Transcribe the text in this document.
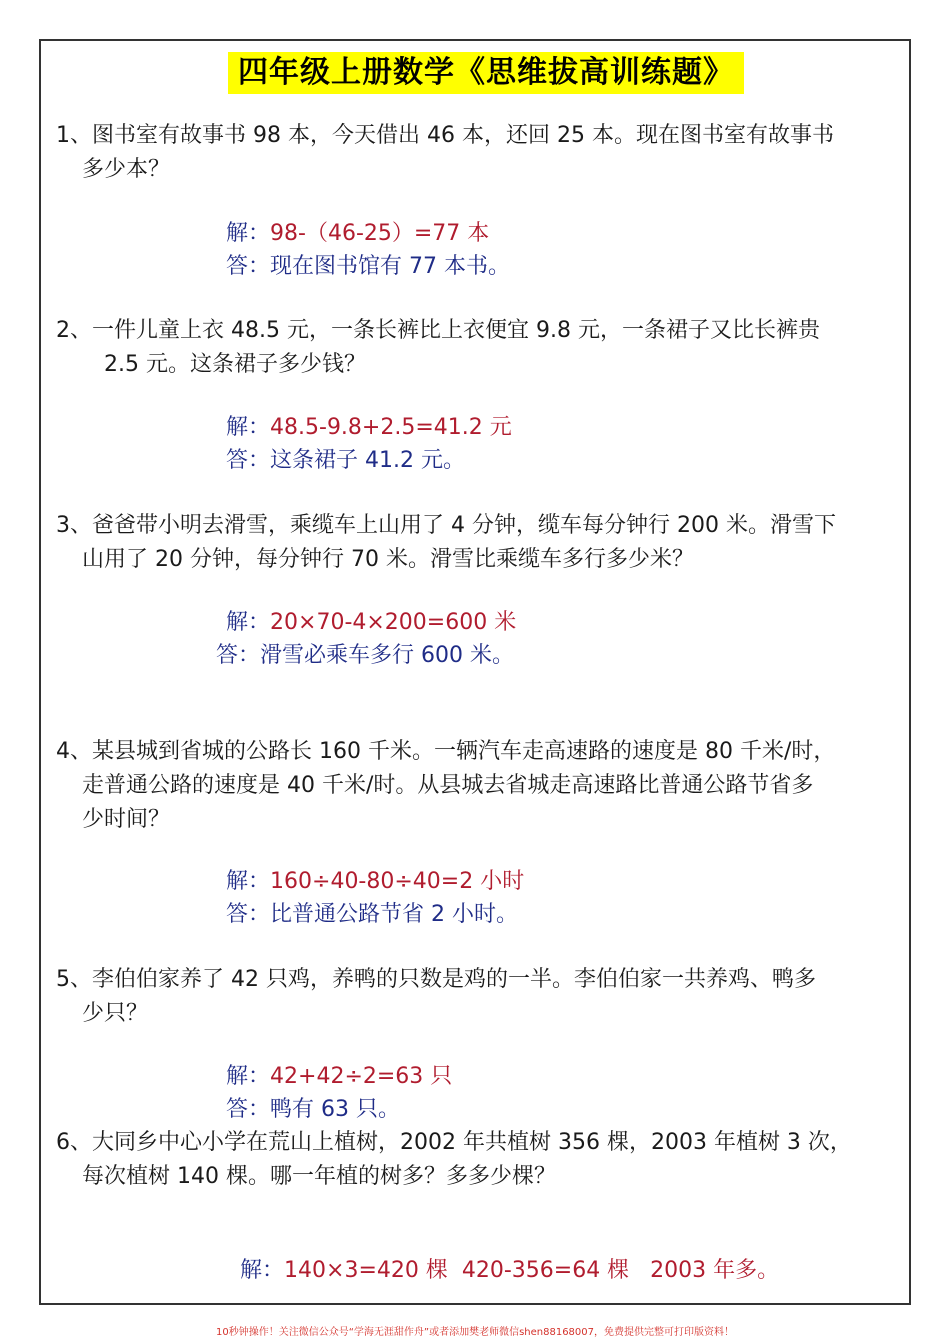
四年级上册数学《思维拔高训练题》
1、图书室有故事书 98 本，今天借出 46 本，还回 25 本。现在图书室有故事书
多少本？
解：98-（46-25）=77 本
答：现在图书馆有 77 本书。
2、一件儿童上衣 48.5 元，一条长裤比上衣便宜 9.8 元，一条裙子又比长裤贵
2.5 元。这条裙子多少钱？
解：48.5-9.8+2.5=41.2 元
答：这条裙子 41.2 元。
3、爸爸带小明去滑雪，乘缆车上山用了 4 分钟，缆车每分钟行 200 米。滑雪下
山用了 20 分钟，每分钟行 70 米。滑雪比乘缆车多行多少米？
解：20×70-4×200=600 米
答：滑雪必乘车多行 600 米。
4、某县城到省城的公路长 160 千米。一辆汽车走高速路的速度是 80 千米/时，
走普通公路的速度是 40 千米/时。从县城去省城走高速路比普通公路节省多
少时间？
解：160÷40-80÷40=2 小时
答：比普通公路节省 2 小时。
5、李伯伯家养了 42 只鸡，养鸭的只数是鸡的一半。李伯伯家一共养鸡、鸭多
少只？
解：42+42÷2=63 只
答：鸭有 63 只。
6、大同乡中心小学在荒山上植树，2002 年共植树 356 棵，2003 年植树 3 次，
每次植树 140 棵。哪一年植的树多？多多少棵？

解：140×3=420 棵  420-356=64 棵   2003 年多。

10秒钟操作！关注微信公众号“学海无涯甜作舟”或者添加樊老师微信shen88168007，免费提供完整可打印版资料！
